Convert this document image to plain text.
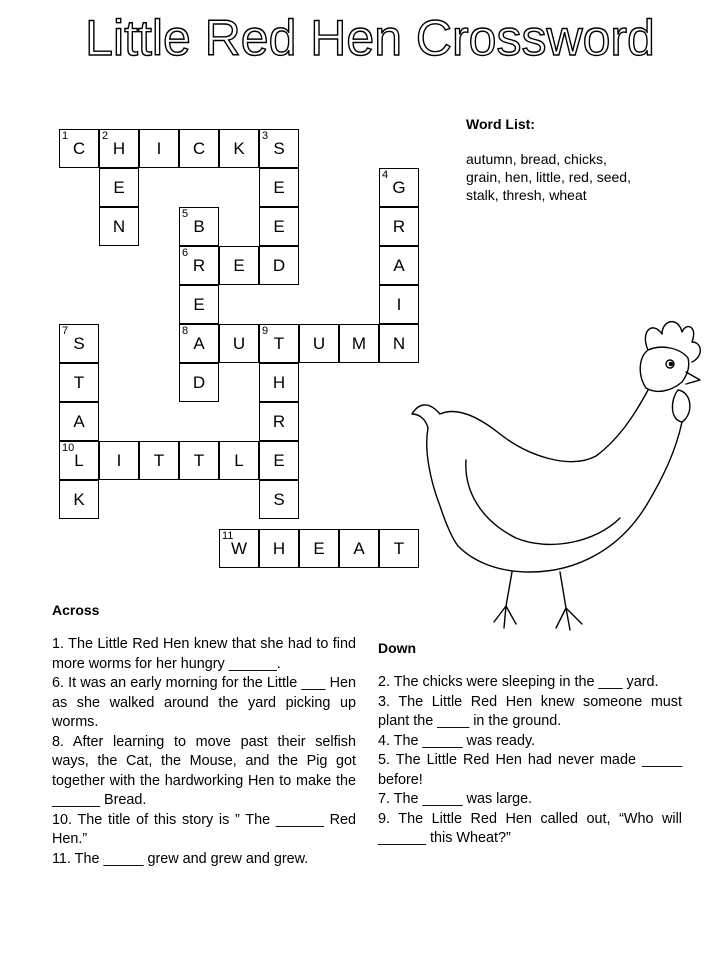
Little Red Hen Crossword
1
C
2
H	I	C	K
3
S
E	E
4
G
N
5
B	E	R
6
R	E	D	A
E	I
7
S
8
A	U
9
T	U	M	N
T	D	H
A	R
10
L	I	T	T	L	E
K	S
11
W	H	E	A	T
Word List:
autumn, bread, chicks, grain, hen, little, red, seed, stalk, thresh, wheat
Across
1. The Little Red Hen knew that she had to find more worms for her hungry ______.
6. It was an early morning for the Little ___ Hen as she walked around the yard picking up worms.
8. After learning to move past their selfish ways, the Cat, the Mouse, and the Pig got together with the hardworking Hen to make the ______ Bread.
10. The title of this story is ” The ______ Red Hen.”
11. The _____ grew and grew and grew.
Down
2. The chicks were sleeping in the ___ yard.
3. The Little Red Hen knew someone must plant the ____ in the ground.
4. The _____ was ready.
5. The Little Red Hen had never made _____ before!
7. The _____ was large.
9. The Little Red Hen called out, “Who will ______ this Wheat?”
